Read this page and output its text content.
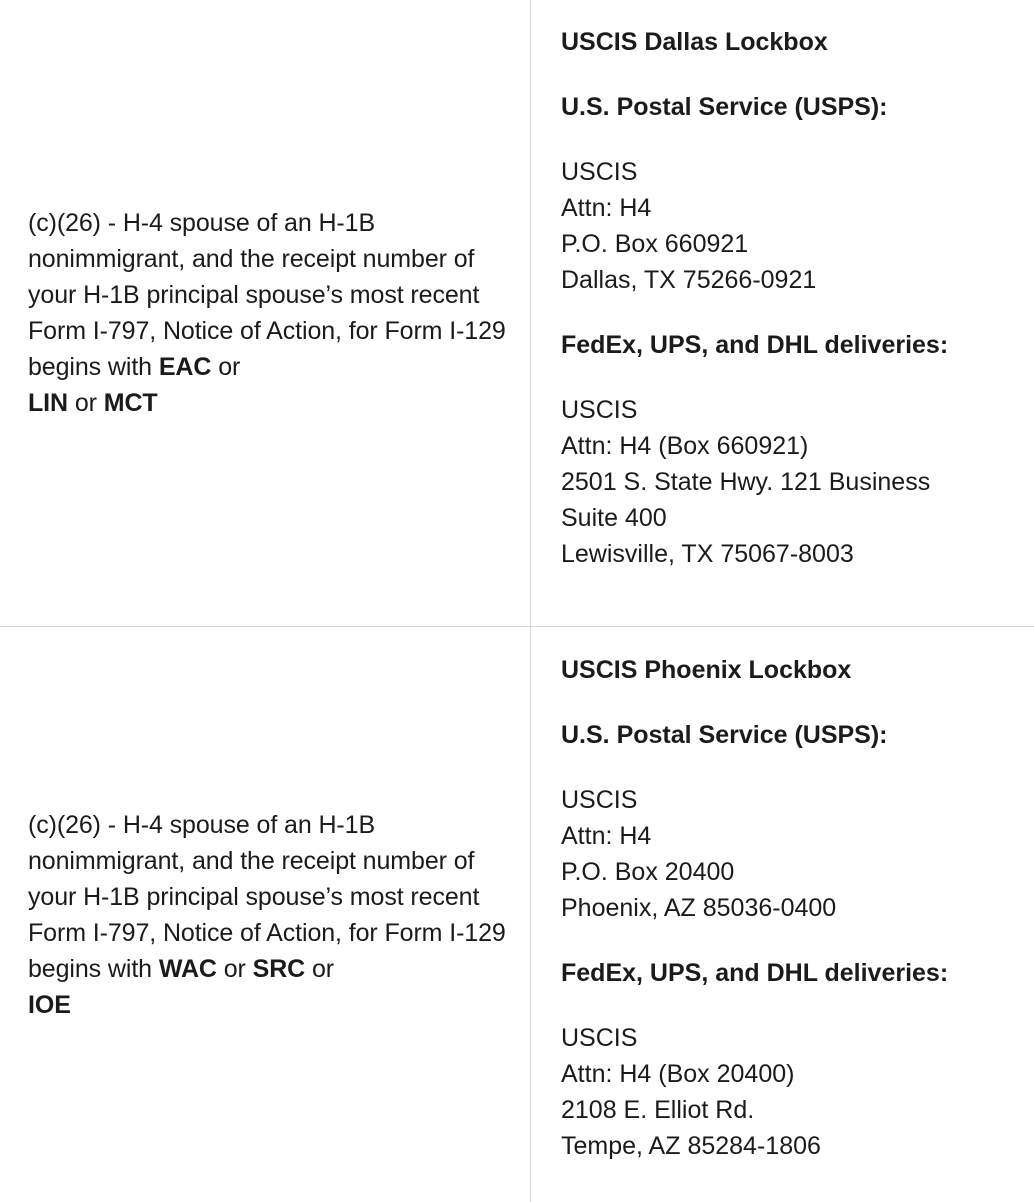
(c)(26) - H-4 spouse of an H-1B nonimmigrant, and the receipt number of your H-1B principal spouse’s most recent Form I-797, Notice of Action, for Form I-129 begins with EAC or
LIN or MCT

USCIS Dallas Lockbox
U.S. Postal Service (USPS):
USCIS
Attn: H4
P.O. Box 660921
Dallas, TX 75266-0921
FedEx, UPS, and DHL deliveries:
USCIS
Attn: H4 (Box 660921)
2501 S. State Hwy. 121 Business
Suite 400
Lewisville, TX 75067-8003

(c)(26) - H-4 spouse of an H-1B nonimmigrant, and the receipt number of your H-1B principal spouse’s most recent Form I-797, Notice of Action, for Form I-129 begins with WAC or SRC or
IOE

USCIS Phoenix Lockbox
U.S. Postal Service (USPS):
USCIS
Attn: H4
P.O. Box 20400
Phoenix, AZ 85036-0400
FedEx, UPS, and DHL deliveries:
USCIS
Attn: H4 (Box 20400)
2108 E. Elliot Rd.
Tempe, AZ 85284-1806
